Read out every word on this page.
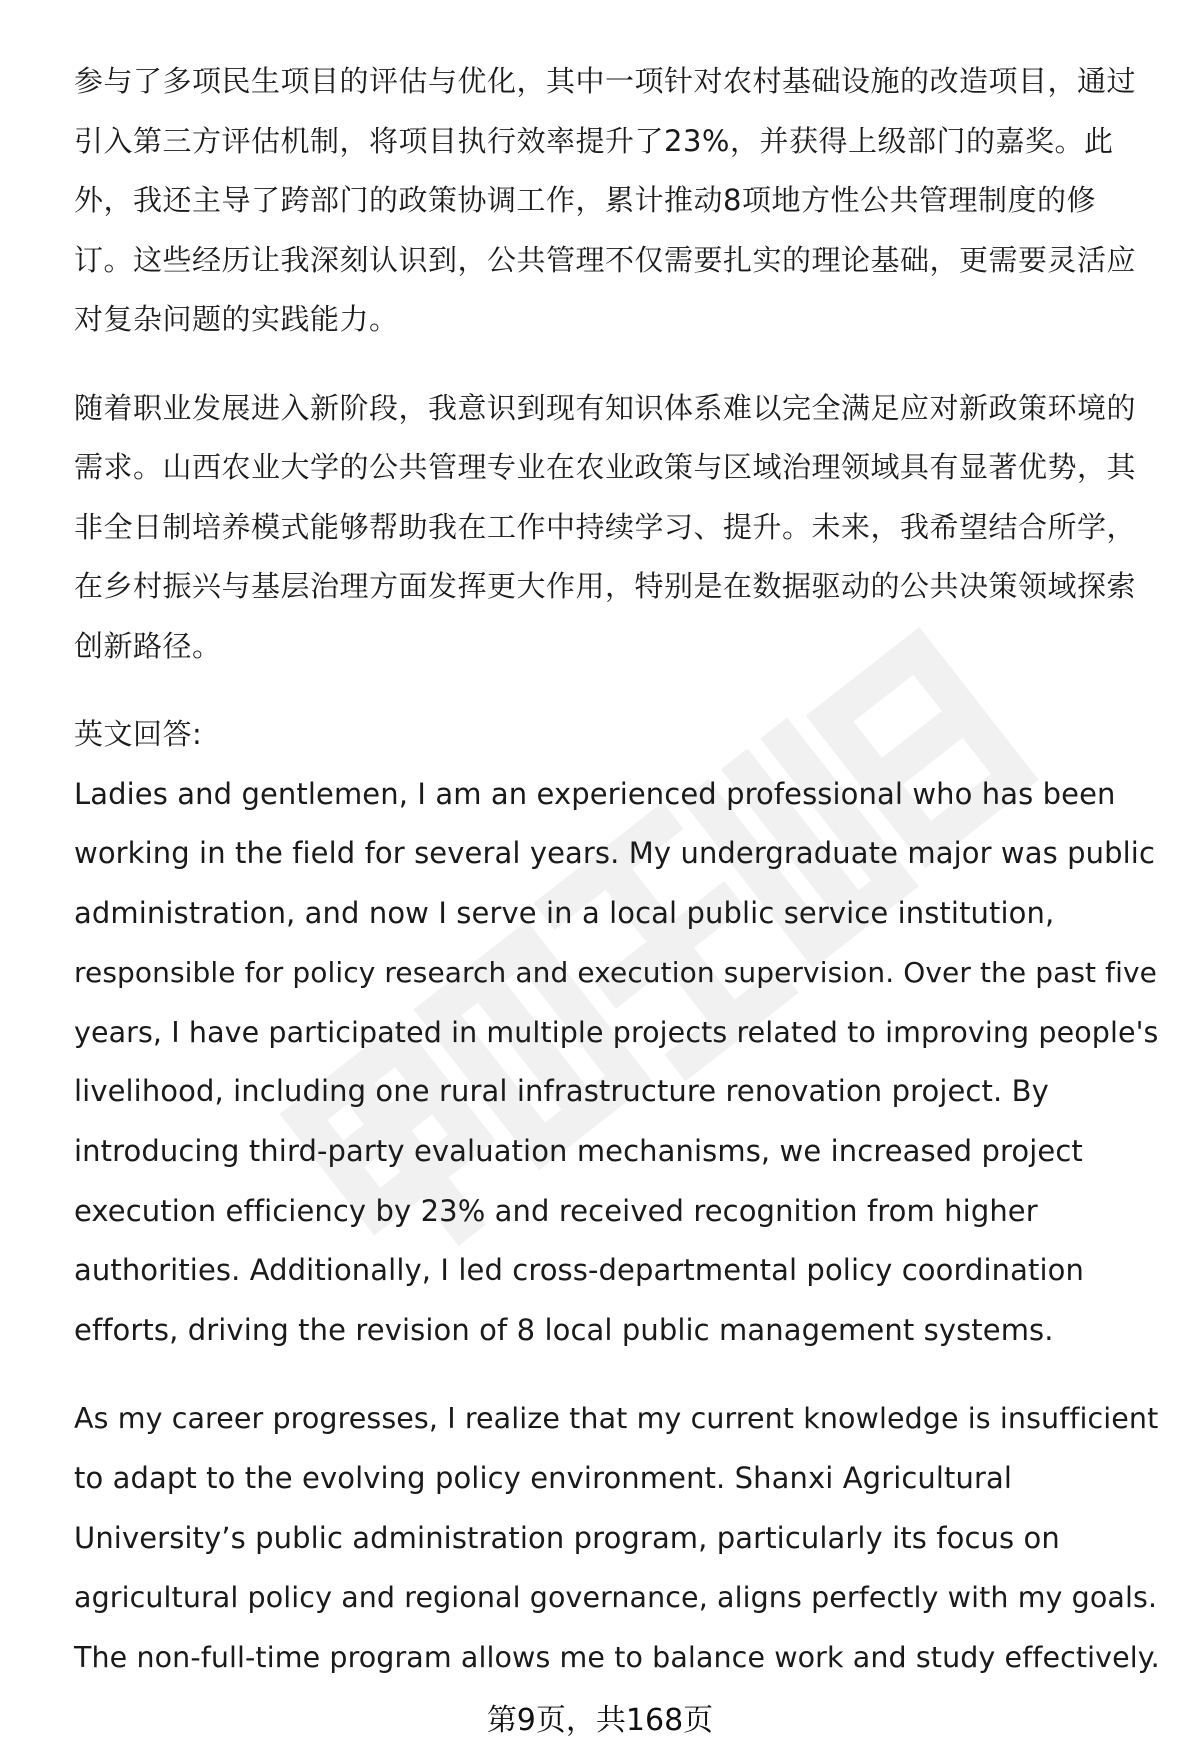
参与了多项民生项目的评估与优化，其中一项针对农村基础设施的改造项目，通过
引入第三方评估机制，将项目执行效率提升了23%，并获得上级部门的嘉奖。此
外，我还主导了跨部门的政策协调工作，累计推动8项地方性公共管理制度的修
订。这些经历让我深刻认识到，公共管理不仅需要扎实的理论基础，更需要灵活应
对复杂问题的实践能力。
随着职业发展进入新阶段，我意识到现有知识体系难以完全满足应对新政策环境的
需求。山西农业大学的公共管理专业在农业政策与区域治理领域具有显著优势，其
非全日制培养模式能够帮助我在工作中持续学习、提升。未来，我希望结合所学，
在乡村振兴与基层治理方面发挥更大作用，特别是在数据驱动的公共决策领域探索
创新路径。
英文回答:
Ladies and gentlemen, I am an experienced professional who has been
working in the field for several years. My undergraduate major was public
administration, and now I serve in a local public service institution,
responsible for policy research and execution supervision. Over the past five
years, I have participated in multiple projects related to improving people's
livelihood, including one rural infrastructure renovation project. By
introducing third-party evaluation mechanisms, we increased project
execution efficiency by 23% and received recognition from higher
authorities. Additionally, I led cross-departmental policy coordination
efforts, driving the revision of 8 local public management systems.
As my career progresses, I realize that my current knowledge is insufficient
to adapt to the evolving policy environment. Shanxi Agricultural
University’s public administration program, particularly its focus on
agricultural policy and regional governance, aligns perfectly with my goals.
The non-full-time program allows me to balance work and study effectively.
第9页，共168页
